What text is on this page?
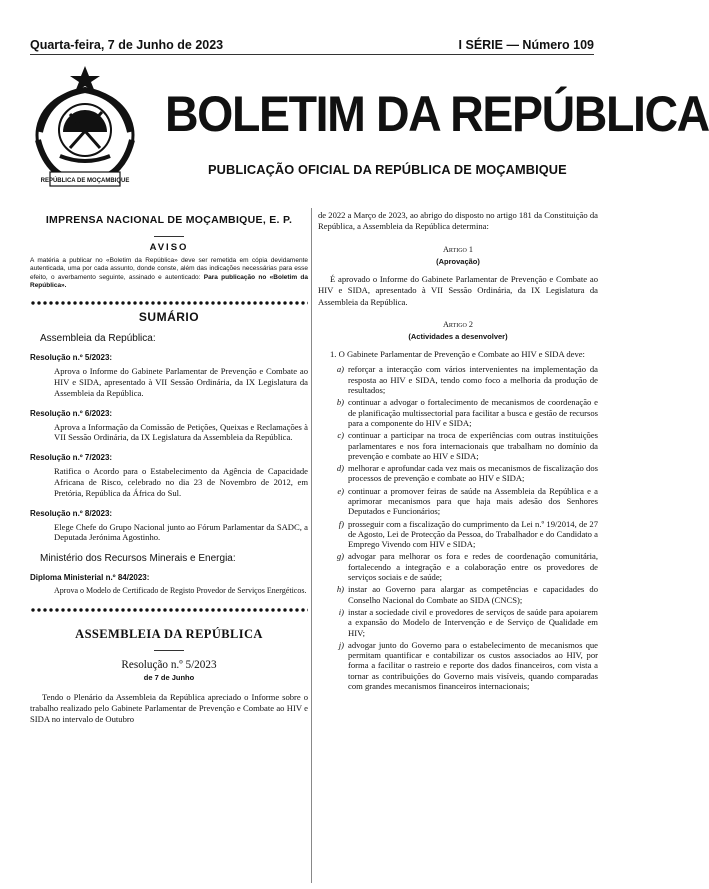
Quarta-feira, 7 de Junho de 2023	I SÉRIE — Número 109
REPÚBLICA DE MOÇAMBIQUE
BOLETIM DA REPÚBLICA
PUBLICAÇÃO OFICIAL DA REPÚBLICA DE MOÇAMBIQUE
IMPRENSA NACIONAL DE MOÇAMBIQUE, E. P.
AVISO
A matéria a publicar no «Boletim da República» deve ser remetida em cópia devidamente autenticada, uma por cada assunto, donde conste, além das indicações necessárias para esse efeito, o averbamento seguinte, assinado e autenticado: Para publicação no «Boletim da República».
SUMÁRIO
Assembleia da República:
Resolução n.º 5/2023:
Aprova o Informe do Gabinete Parlamentar de Prevenção e Combate ao HIV e SIDA, apresentado à VII Sessão Ordinária, da IX Legislatura da Assembleia da República.
Resolução n.º 6/2023:
Aprova a Informação da Comissão de Petições, Queixas e Reclamações à VII Sessão Ordinária, da IX Legislatura da Assembleia da República.
Resolução n.º 7/2023:
Ratifica o Acordo para o Estabelecimento da Agência de Capacidade Africana de Risco, celebrado no dia 23 de Novembro de 2012, em Pretória, República da África do Sul.
Resolução n.º 8/2023:
Elege Chefe do Grupo Nacional junto ao Fórum Parlamentar da SADC, a Deputada Jerónima Agostinho.
Ministério dos Recursos Minerais e Energia:
Diploma Ministerial n.º 84/2023:
Aprova o Modelo de Certificado de Registo Provedor de Serviços Energéticos.
ASSEMBLEIA DA REPÚBLICA
Resolução n.º 5/2023
de 7 de Junho

Tendo o Plenário da Assembleia da República apreciado o Informe sobre o trabalho realizado pelo Gabinete Parlamentar de Prevenção e Combate ao HIV e SIDA no intervalo de Outubro

de 2022 a Março de 2023, ao abrigo do disposto no artigo 181 da Constituição da República, a Assembleia da República determina:

Artigo 1
(Aprovação)

É aprovado o Informe do Gabinete Parlamentar de Prevenção e Combate ao HIV e SIDA, apresentado à VII Sessão Ordinária, da IX Legislatura da Assembleia da República.

Artigo 2
(Actividades a desenvolver)

1. O Gabinete Parlamentar de Prevenção e Combate ao HIV e SIDA deve:

a) reforçar a interacção com vários intervenientes na implementação da resposta ao HIV e SIDA, tendo como foco a melhoria da produção de resultados;
b) continuar a advogar o fortalecimento de mecanismos de coordenação e de planificação multissectorial para facilitar a busca e gestão de recursos para a componente do HIV e SIDA;
c) continuar a participar na troca de experiências com outras instituições parlamentares e nos fora internacionais que trabalham no domínio da prevenção e combate ao HIV e SIDA;
d) melhorar e aprofundar cada vez mais os mecanismos de fiscalização dos processos de prevenção e combate ao HIV e SIDA;
e) continuar a promover feiras de saúde na Assembleia da República e a aprimorar mecanismos para que haja mais adesão dos Senhores Deputados e Funcionários;
f) prosseguir com a fiscalização do cumprimento da Lei n.º 19/2014, de 27 de Agosto, Lei de Protecção da Pessoa, do Trabalhador e do Candidato a Emprego Vivendo com HIV e SIDA;
g) advogar para melhorar os fora e redes de coordenação comunitária, fortalecendo a integração e a colaboração entre os provedores de serviços sociais e de saúde;
h) instar ao Governo para alargar as competências e capacidades do Conselho Nacional do Combate ao SIDA (CNCS);
i) instar a sociedade civil e provedores de serviços de saúde para apoiarem a expansão do Modelo de Intervenção e de Serviço de Qualidade em HIV;
j) advogar junto do Governo para o estabelecimento de mecanismos que permitam quantificar e contabilizar os custos associados ao HIV, por forma a facilitar o rastreio e reporte dos dados financeiros, com vista a tornar as contribuições do Governo mais visíveis, quando comparadas com grandes mecanismos financeiros internacionais;
